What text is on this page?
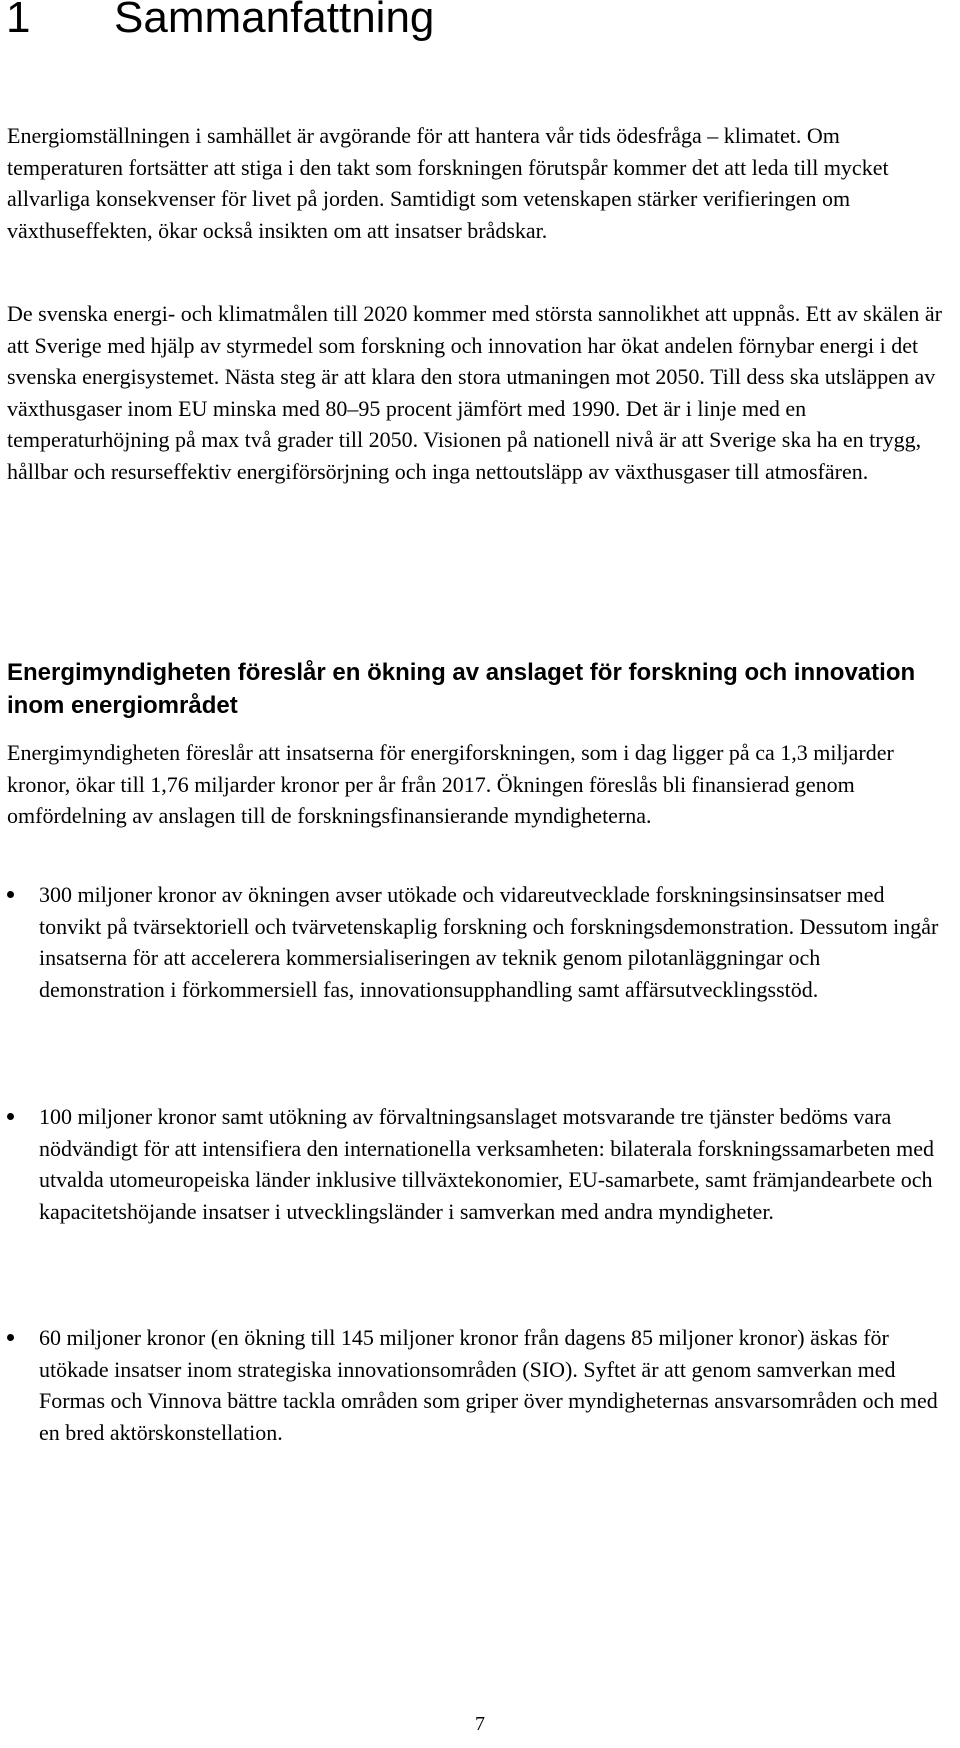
1 Sammanfattning

Energiomställningen i samhället är avgörande för att hantera vår tids ödesfråga – klimatet. Om temperaturen fortsätter att stiga i den takt som forskningen förutspår kommer det att leda till mycket allvarliga konsekvenser för livet på jorden. Samtidigt som vetenskapen stärker verifieringen om växthuseffekten, ökar också insikten om att insatser brådskar.

De svenska energi- och klimatmålen till 2020 kommer med största sannolikhet att uppnås. Ett av skälen är att Sverige med hjälp av styrmedel som forskning och innovation har ökat andelen förnybar energi i det svenska energisystemet. Nästa steg är att klara den stora utmaningen mot 2050. Till dess ska utsläppen av växthusgaser inom EU minska med 80–95 procent jämfört med 1990. Det är i linje med en temperaturhöjning på max två grader till 2050. Visionen på nationell nivå är att Sverige ska ha en trygg, hållbar och resurseffektiv energiförsörjning och inga nettoutsläpp av växthusgaser till atmosfären.

Energimyndigheten föreslår en ökning av anslaget för forskning och innovation inom energiområdet

Energimyndigheten föreslår att insatserna för energiforskningen, som i dag ligger på ca 1,3 miljarder kronor, ökar till 1,76 miljarder kronor per år från 2017. Ökningen föreslås bli finansierad genom omfördelning av anslagen till de forskningsfinansierande myndigheterna.

300 miljoner kronor av ökningen avser utökade och vidareutvecklade forskningsinsinsatser med tonvikt på tvärsektoriell och tvärvetenskaplig forskning och forskningsdemonstration. Dessutom ingår insatserna för att accelerera kommersialiseringen av teknik genom pilotanläggningar och demonstration i förkommersiell fas, innovationsupphandling samt affärsutvecklingsstöd.
100 miljoner kronor samt utökning av förvaltningsanslaget motsvarande tre tjänster bedöms vara nödvändigt för att intensifiera den internationella verksamheten: bilaterala forskningssamarbeten med utvalda utomeuropeiska länder inklusive tillväxtekonomier, EU-samarbete, samt främjandearbete och kapacitetshöjande insatser i utvecklingsländer i samverkan med andra myndigheter.
60 miljoner kronor (en ökning till 145 miljoner kronor från dagens 85 miljoner kronor) äskas för utökade insatser inom strategiska innovationsområden (SIO). Syftet är att genom samverkan med Formas och Vinnova bättre tackla områden som griper över myndigheternas ansvarsområden och med en bred aktörskonstellation.
7
